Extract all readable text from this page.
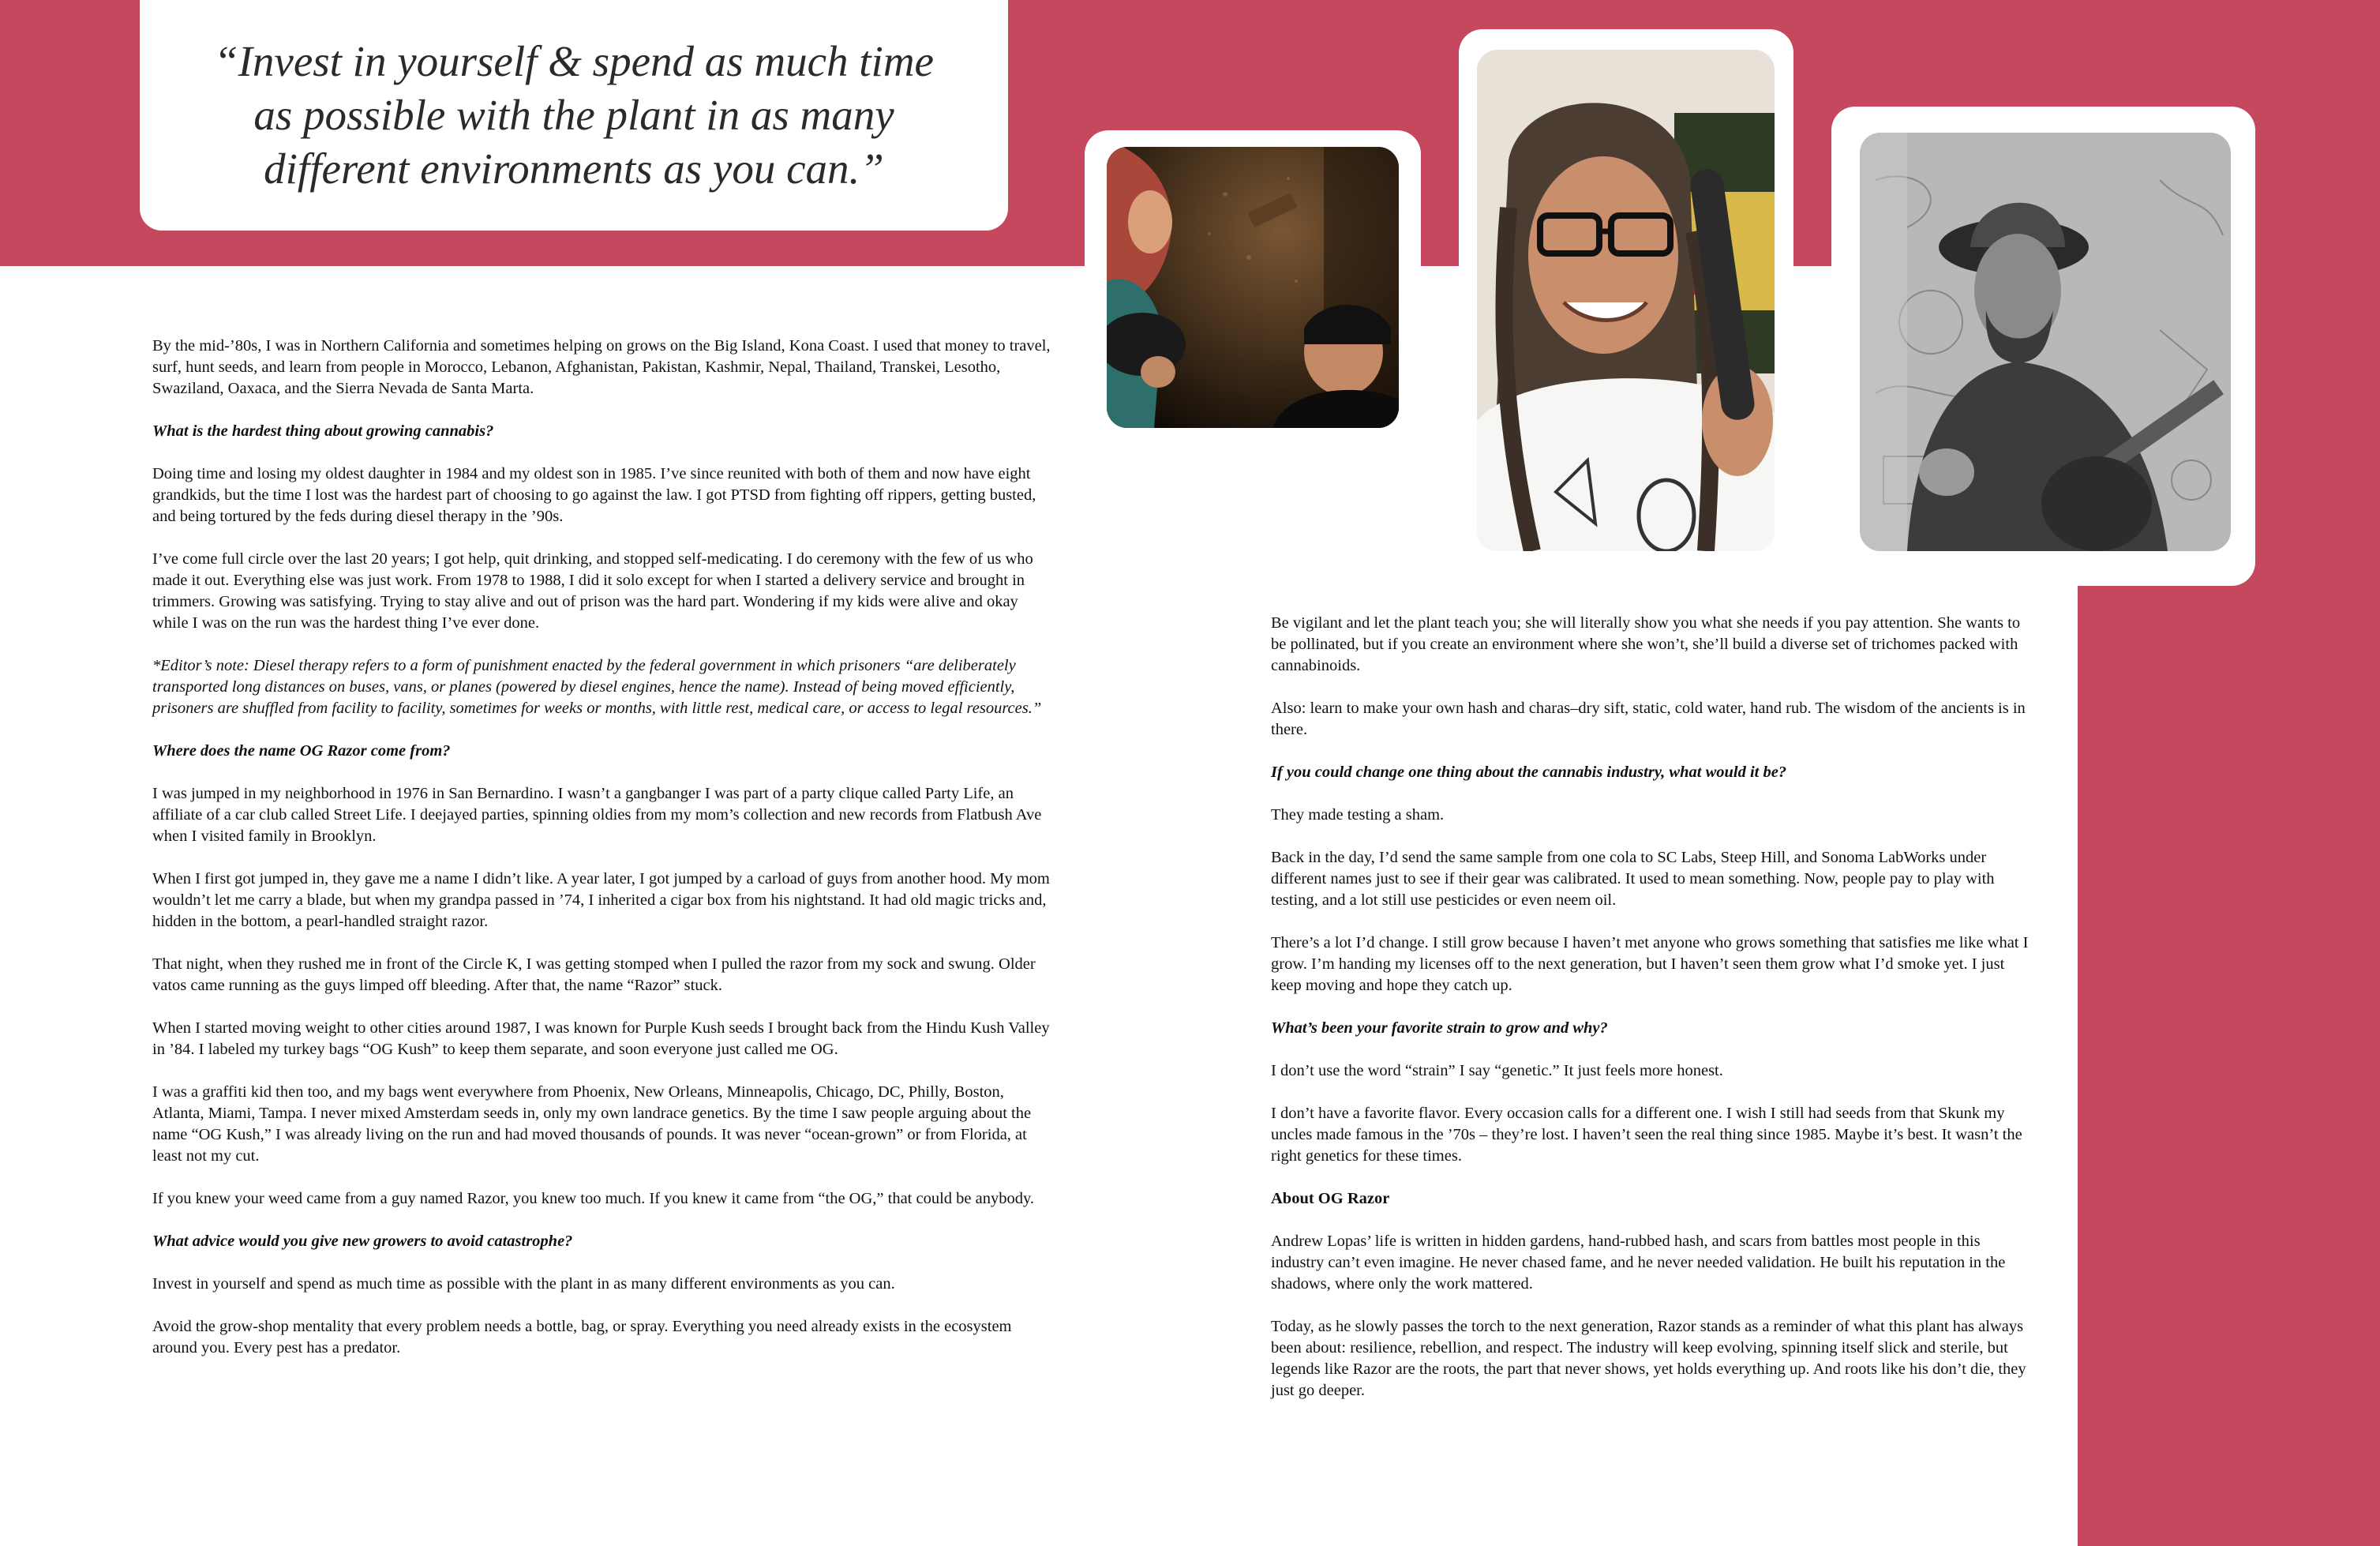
“Invest in yourself & spend as much time as possible with the plant in as many different environments as you can.”

By the mid-’80s, I was in Northern California and sometimes helping on grows on the Big Island, Kona Coast. I used that money to travel, surf, hunt seeds, and learn from people in Morocco, Lebanon, Afghanistan, Pakistan, Kashmir, Nepal, Thailand, Transkei, Lesotho, Swaziland, Oaxaca, and the Sierra Nevada de Santa Marta.

What is the hardest thing about growing cannabis?

Doing time and losing my oldest daughter in 1984 and my oldest son in 1985. I’ve since reunited with both of them and now have eight grandkids, but the time I lost was the hardest part of choosing to go against the law. I got PTSD from fighting off rippers, getting busted, and being tortured by the feds during diesel therapy in the ’90s.

I’ve come full circle over the last 20 years; I got help, quit drinking, and stopped self-medicating. I do ceremony with the few of us who made it out. Everything else was just work. From 1978 to 1988, I did it solo except for when I started a delivery service and brought in trimmers. Growing was satisfying. Trying to stay alive and out of prison was the hard part. Wondering if my kids were alive and okay while I was on the run was the hardest thing I’ve ever done.

*Editor’s note: Diesel therapy refers to a form of punishment enacted by the federal government in which prisoners “are deliberately transported long distances on buses, vans, or planes (powered by diesel engines, hence the name). Instead of being moved efficiently, prisoners are shuffled from facility to facility, sometimes for weeks or months, with little rest, medical care, or access to legal resources.”

Where does the name OG Razor come from?

I was jumped in my neighborhood in 1976 in San Bernardino. I wasn’t a gangbanger I was part of a party clique called Party Life, an affiliate of a car club called Street Life. I deejayed parties, spinning oldies from my mom’s collection and new records from Flatbush Ave when I visited family in Brooklyn.

When I first got jumped in, they gave me a name I didn’t like. A year later, I got jumped by a carload of guys from another hood. My mom wouldn’t let me carry a blade, but when my grandpa passed in ’74, I inherited a cigar box from his nightstand. It had old magic tricks and, hidden in the bottom, a pearl-handled straight razor.

That night, when they rushed me in front of the Circle K, I was getting stomped when I pulled the razor from my sock and swung. Older vatos came running as the guys limped off bleeding. After that, the name “Razor” stuck.

When I started moving weight to other cities around 1987, I was known for Purple Kush seeds I brought back from the Hindu Kush Valley in ’84. I labeled my turkey bags “OG Kush” to keep them separate, and soon everyone just called me OG.

I was a graffiti kid then too, and my bags went everywhere from Phoenix, New Orleans, Minneapolis, Chicago, DC, Philly, Boston, Atlanta, Miami, Tampa. I never mixed Amsterdam seeds in, only my own landrace genetics. By the time I saw people arguing about the name “OG Kush,” I was already living on the run and had moved thousands of pounds. It was never “ocean-grown” or from Florida, at least not my cut.

If you knew your weed came from a guy named Razor, you knew too much. If you knew it came from “the OG,” that could be anybody.

What advice would you give new growers to avoid catastrophe?

Invest in yourself and spend as much time as possible with the plant in as many different environments as you can.

Avoid the grow-shop mentality that every problem needs a bottle, bag, or spray. Everything you need already exists in the ecosystem around you. Every pest has a predator.

Be vigilant and let the plant teach you; she will literally show you what she needs if you pay attention. She wants to be pollinated, but if you create an environment where she won’t, she’ll build a diverse set of trichomes packed with cannabinoids.

Also: learn to make your own hash and charas–dry sift, static, cold water, hand rub. The wisdom of the ancients is in there.

If you could change one thing about the cannabis industry, what would it be?

They made testing a sham.

Back in the day, I’d send the same sample from one cola to SC Labs, Steep Hill, and Sonoma LabWorks under different names just to see if their gear was calibrated. It used to mean something. Now, people pay to play with testing, and a lot still use pesticides or even neem oil.

There’s a lot I’d change. I still grow because I haven’t met anyone who grows something that satisfies me like what I grow. I’m handing my licenses off to the next generation, but I haven’t seen them grow what I’d smoke yet. I just keep moving and hope they catch up.

What’s been your favorite strain to grow and why?

I don’t use the word “strain” I say “genetic.” It just feels more honest.

I don’t have a favorite flavor. Every occasion calls for a different one. I wish I still had seeds from that Skunk my uncles made famous in the ’70s – they’re lost. I haven’t seen the real thing since 1985. Maybe it’s best. It wasn’t the right genetics for these times.

About OG Razor

Andrew Lopas’ life is written in hidden gardens, hand-rubbed hash, and scars from battles most people in this industry can’t even imagine. He never chased fame, and he never needed validation. He built his reputation in the shadows, where only the work mattered.

Today, as he slowly passes the torch to the next generation, Razor stands as a reminder of what this plant has always been about: resilience, rebellion, and respect. The industry will keep evolving, spinning itself slick and sterile, but legends like Razor are the roots, the part that never shows, yet holds everything up. And roots like his don’t die, they just go deeper.
